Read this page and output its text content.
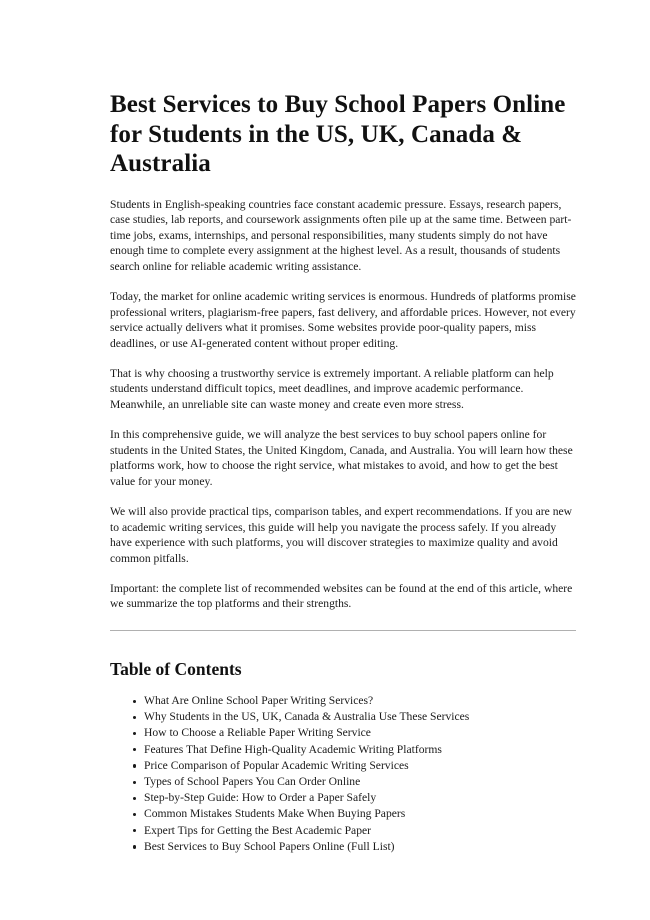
Best Services to Buy School Papers Online for Students in the US, UK, Canada & Australia

Students in English-speaking countries face constant academic pressure. Essays, research papers, case studies, lab reports, and coursework assignments often pile up at the same time. Between part-time jobs, exams, internships, and personal responsibilities, many students simply do not have enough time to complete every assignment at the highest level. As a result, thousands of students search online for reliable academic writing assistance.

Today, the market for online academic writing services is enormous. Hundreds of platforms promise professional writers, plagiarism-free papers, fast delivery, and affordable prices. However, not every service actually delivers what it promises. Some websites provide poor-quality papers, miss deadlines, or use AI-generated content without proper editing.

That is why choosing a trustworthy service is extremely important. A reliable platform can help students understand difficult topics, meet deadlines, and improve academic performance. Meanwhile, an unreliable site can waste money and create even more stress.

In this comprehensive guide, we will analyze the best services to buy school papers online for students in the United States, the United Kingdom, Canada, and Australia. You will learn how these platforms work, how to choose the right service, what mistakes to avoid, and how to get the best value for your money.

We will also provide practical tips, comparison tables, and expert recommendations. If you are new to academic writing services, this guide will help you navigate the process safely. If you already have experience with such platforms, you will discover strategies to maximize quality and avoid common pitfalls.

Important: the complete list of recommended websites can be found at the end of this article, where we summarize the top platforms and their strengths.

Table of Contents
What Are Online School Paper Writing Services?
Why Students in the US, UK, Canada & Australia Use These Services
How to Choose a Reliable Paper Writing Service
Features That Define High-Quality Academic Writing Platforms
Price Comparison of Popular Academic Writing Services
Types of School Papers You Can Order Online
Step-by-Step Guide: How to Order a Paper Safely
Common Mistakes Students Make When Buying Papers
Expert Tips for Getting the Best Academic Paper
Best Services to Buy School Papers Online (Full List)
